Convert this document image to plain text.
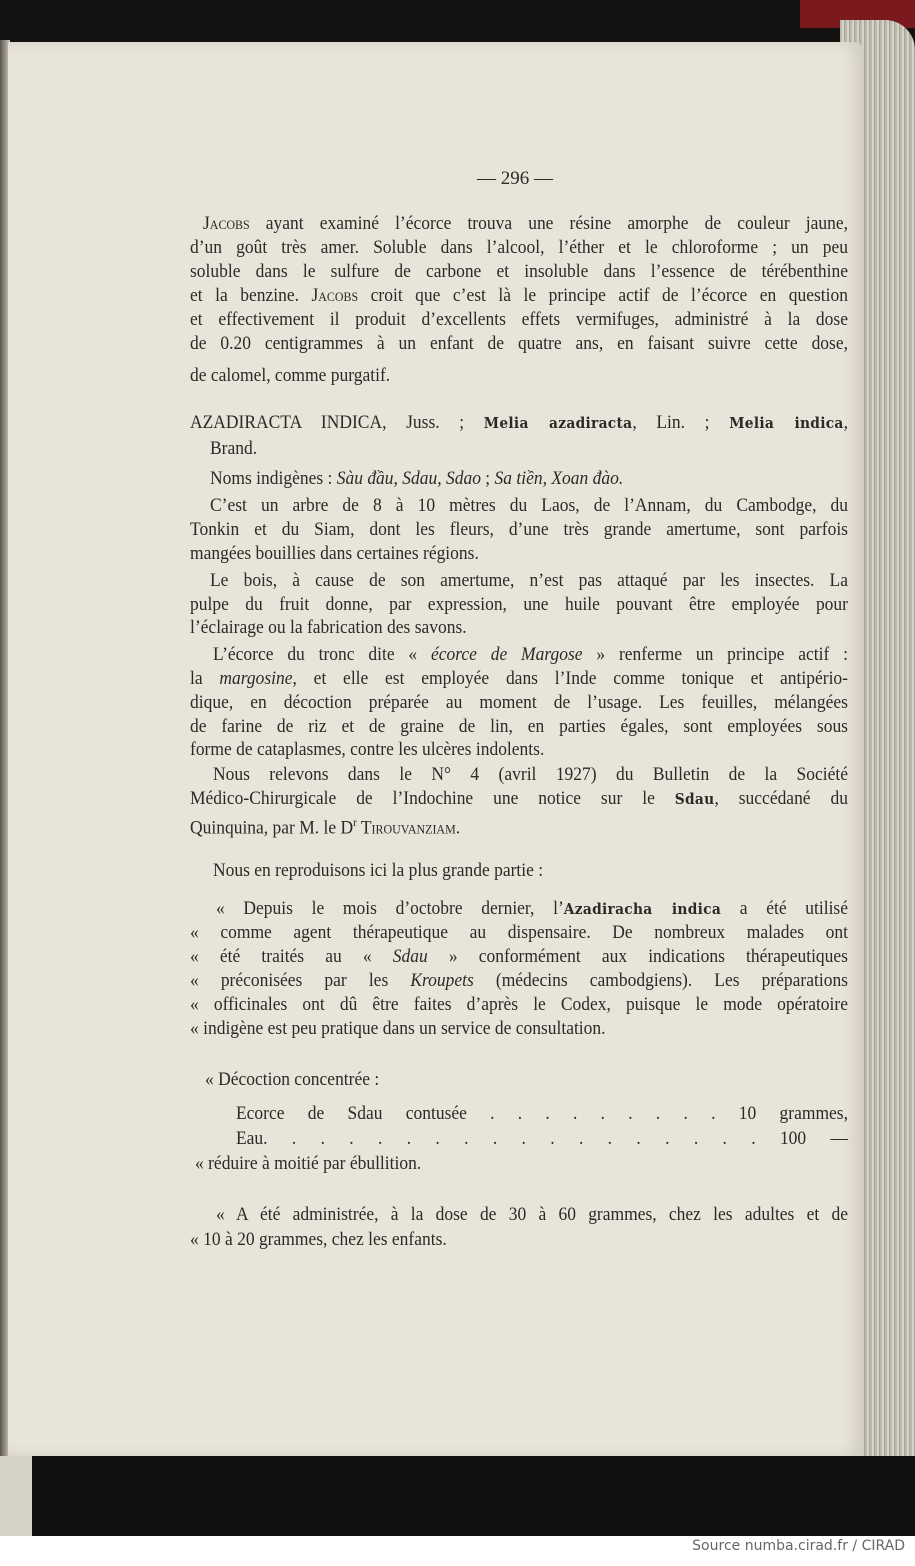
— 296 —
Jacobs ayant examiné l’écorce trouva une résine amorphe de couleur jaune,
d’un goût très amer. Soluble dans l’alcool, l’éther et le chloroforme ; un peu
soluble dans le sulfure de carbone et insoluble dans l’essence de térébenthine
et la benzine. Jacobs croit que c’est là le principe actif de l’écorce en question
et effectivement il produit d’excellents effets vermifuges, administré à la dose
de 0.20 centigrammes à un enfant de quatre ans, en faisant suivre cette dose,
de calomel, comme purgatif.
AZADIRACTA INDICA, Juss. ; Melia azadiracta, Lin. ; Melia indica,
Brand.
Noms indigènes : Sàu đầu, Sdau, Sdao ; Sa tiền, Xoan đào.
C’est un arbre de 8 à 10 mètres du Laos, de l’Annam, du Cambodge, du
Tonkin et du Siam, dont les fleurs, d’une très grande amertume, sont parfois
mangées bouillies dans certaines régions.
Le bois, à cause de son amertume, n’est pas attaqué par les insectes. La
pulpe du fruit donne, par expression, une huile pouvant être employée pour
l’éclairage ou la fabrication des savons.
L’écorce du tronc dite « écorce de Margose » renferme un principe actif :
la margosine, et elle est employée dans l’Inde comme tonique et antipério-
dique, en décoction préparée au moment de l’usage. Les feuilles, mélangées
de farine de riz et de graine de lin, en parties égales, sont employées sous
forme de cataplasmes, contre les ulcères indolents.
Nous relevons dans le N° 4 (avril 1927) du Bulletin de la Société
Médico-Chirurgicale de l’Indochine une notice sur le Sdau, succédané du
Quinquina, par M. le $D^r$ Tirouvanziam.
Nous en reproduisons ici la plus grande partie :
« Depuis le mois d’octobre dernier, l’Azadiracha indica a été utilisé
« comme agent thérapeutique au dispensaire. De nombreux malades ont
« été traités au « Sdau » conformément aux indications thérapeutiques
« préconisées par les Kroupets (médecins cambodgiens). Les préparations
« officinales ont dû être faites d’après le Codex, puisque le mode opératoire
« indigène est peu pratique dans un service de consultation.
« Décoction concentrée :
Ecorce de Sdau contusée . . . . . . . . . 10 grammes,
Eau. . . . . . . . . . . . . . . . . . 100 —
« réduire à moitié par ébullition.
« A été administrée, à la dose de 30 à 60 grammes, chez les adultes et de
« 10 à 20 grammes, chez les enfants.
Source numba.cirad.fr / CIRAD
